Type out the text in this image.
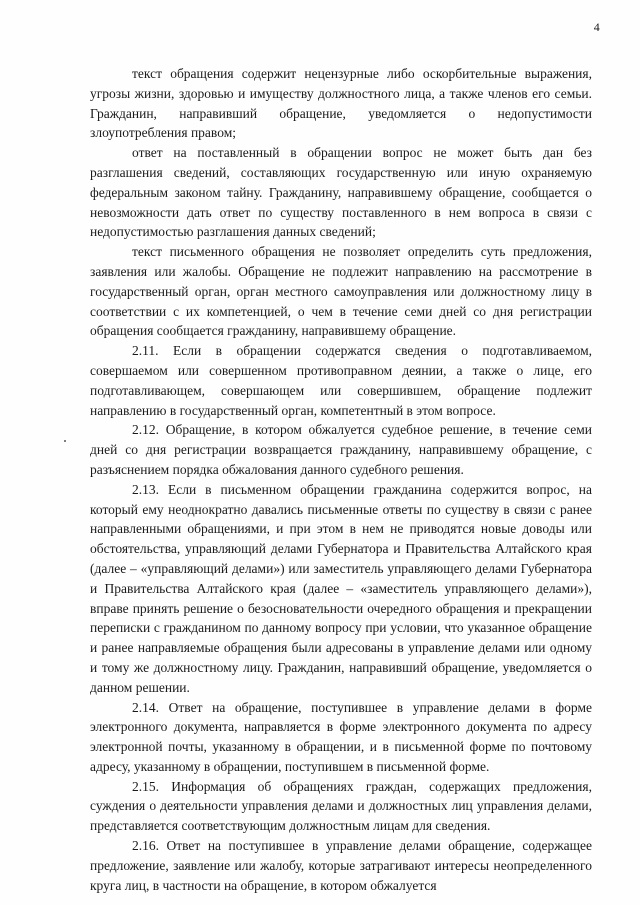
4

текст обращения содержит нецензурные либо оскорбительные выражения, угрозы жизни, здоровью и имуществу должностного лица, а также членов его семьи. Гражданин, направивший обращение, уведомляется о недопустимости злоупотребления правом;

ответ на поставленный в обращении вопрос не может быть дан без разглашения сведений, составляющих государственную или иную охраняемую федеральным законом тайну. Гражданину, направившему обращение, сообщается о невозможности дать ответ по существу поставленного в нем вопроса в связи с недопустимостью разглашения данных сведений;

текст письменного обращения не позволяет определить суть предложения, заявления или жалобы. Обращение не подлежит направлению на рассмотрение в государственный орган, орган местного самоуправления или должностному лицу в соответствии с их компетенцией, о чем в течение семи дней со дня регистрации обращения сообщается гражданину, направившему обращение.

2.11. Если в обращении содержатся сведения о подготавливаемом, совершаемом или совершенном противоправном деянии, а также о лице, его подготавливающем, совершающем или совершившем, обращение подлежит направлению в государственный орган, компетентный в этом вопросе.

2.12. Обращение, в котором обжалуется судебное решение, в течение семи дней со дня регистрации возвращается гражданину, направившему обращение, с разъяснением порядка обжалования данного судебного решения.

2.13. Если в письменном обращении гражданина содержится вопрос, на который ему неоднократно давались письменные ответы по существу в связи с ранее направленными обращениями, и при этом в нем не приводятся новые доводы или обстоятельства, управляющий делами Губернатора и Правительства Алтайского края (далее – «управляющий делами») или заместитель управляющего делами Губернатора и Правительства Алтайского края (далее – «заместитель управляющего делами»), вправе принять решение о безосновательности очередного обращения и прекращении переписки с гражданином по данному вопросу при условии, что указанное обращение и ранее направляемые обращения были адресованы в управление делами или одному и тому же должностному лицу. Гражданин, направивший обращение, уведомляется о данном решении.

2.14. Ответ на обращение, поступившее в управление делами в форме электронного документа, направляется в форме электронного документа по адресу электронной почты, указанному в обращении, и в письменной форме по почтовому адресу, указанному в обращении, поступившем в письменной форме.

2.15. Информация об обращениях граждан, содержащих предложения, суждения о деятельности управления делами и должностных лиц управления делами, представляется соответствующим должностным лицам для сведения.

2.16. Ответ на поступившее в управление делами обращение, содержащее предложение, заявление или жалобу, которые затрагивают интересы неопределенного круга лиц, в частности на обращение, в котором обжалуется
